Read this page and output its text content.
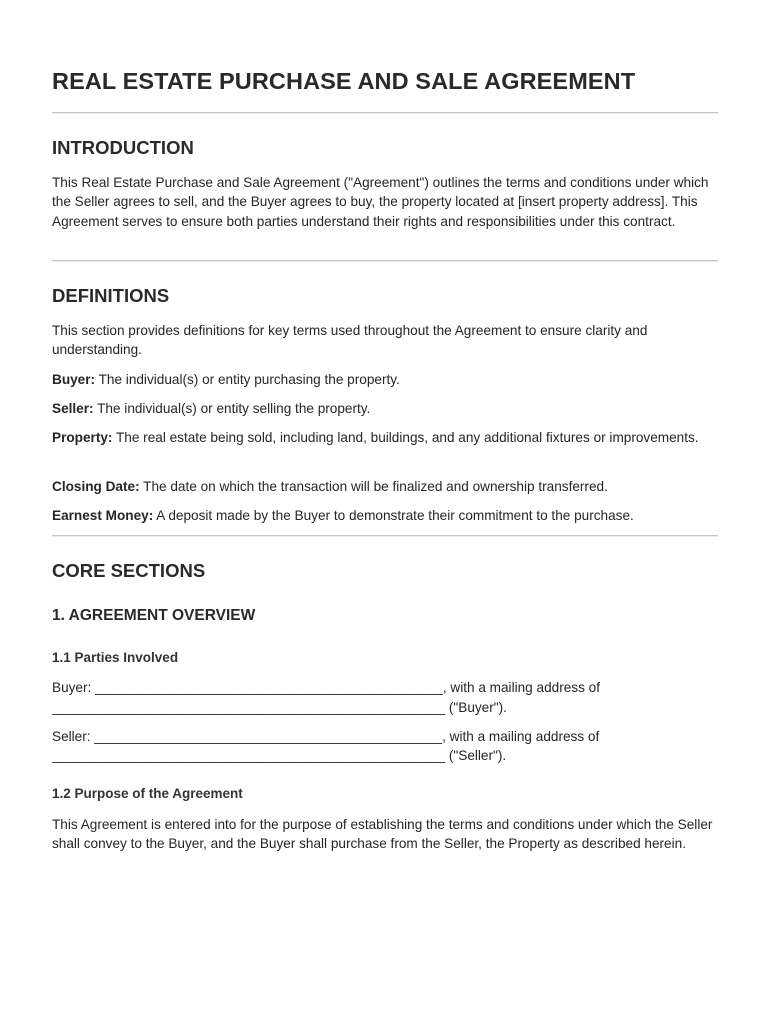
REAL ESTATE PURCHASE AND SALE AGREEMENT
INTRODUCTION

This Real Estate Purchase and Sale Agreement ("Agreement") outlines the terms and conditions under which the Seller agrees to sell, and the Buyer agrees to buy, the property located at [insert property address]. This Agreement serves to ensure both parties understand their rights and responsibilities under this contract.

DEFINITIONS

This section provides definitions for key terms used throughout the Agreement to ensure clarity and understanding.

Buyer: The individual(s) or entity purchasing the property.

Seller: The individual(s) or entity selling the property.

Property: The real estate being sold, including land, buildings, and any additional fixtures or improvements.

Closing Date: The date on which the transaction will be finalized and ownership transferred.

Earnest Money: A deposit made by the Buyer to demonstrate their commitment to the purchase.

CORE SECTIONS
1. AGREEMENT OVERVIEW
1.1 Parties Involved

Buyer: ______________________________________________, with a mailing address of

____________________________________________________ ("Buyer").

Seller: ______________________________________________, with a mailing address of

____________________________________________________ ("Seller").

1.2 Purpose of the Agreement

This Agreement is entered into for the purpose of establishing the terms and conditions under which the Seller shall convey to the Buyer, and the Buyer shall purchase from the Seller, the Property as described herein.
